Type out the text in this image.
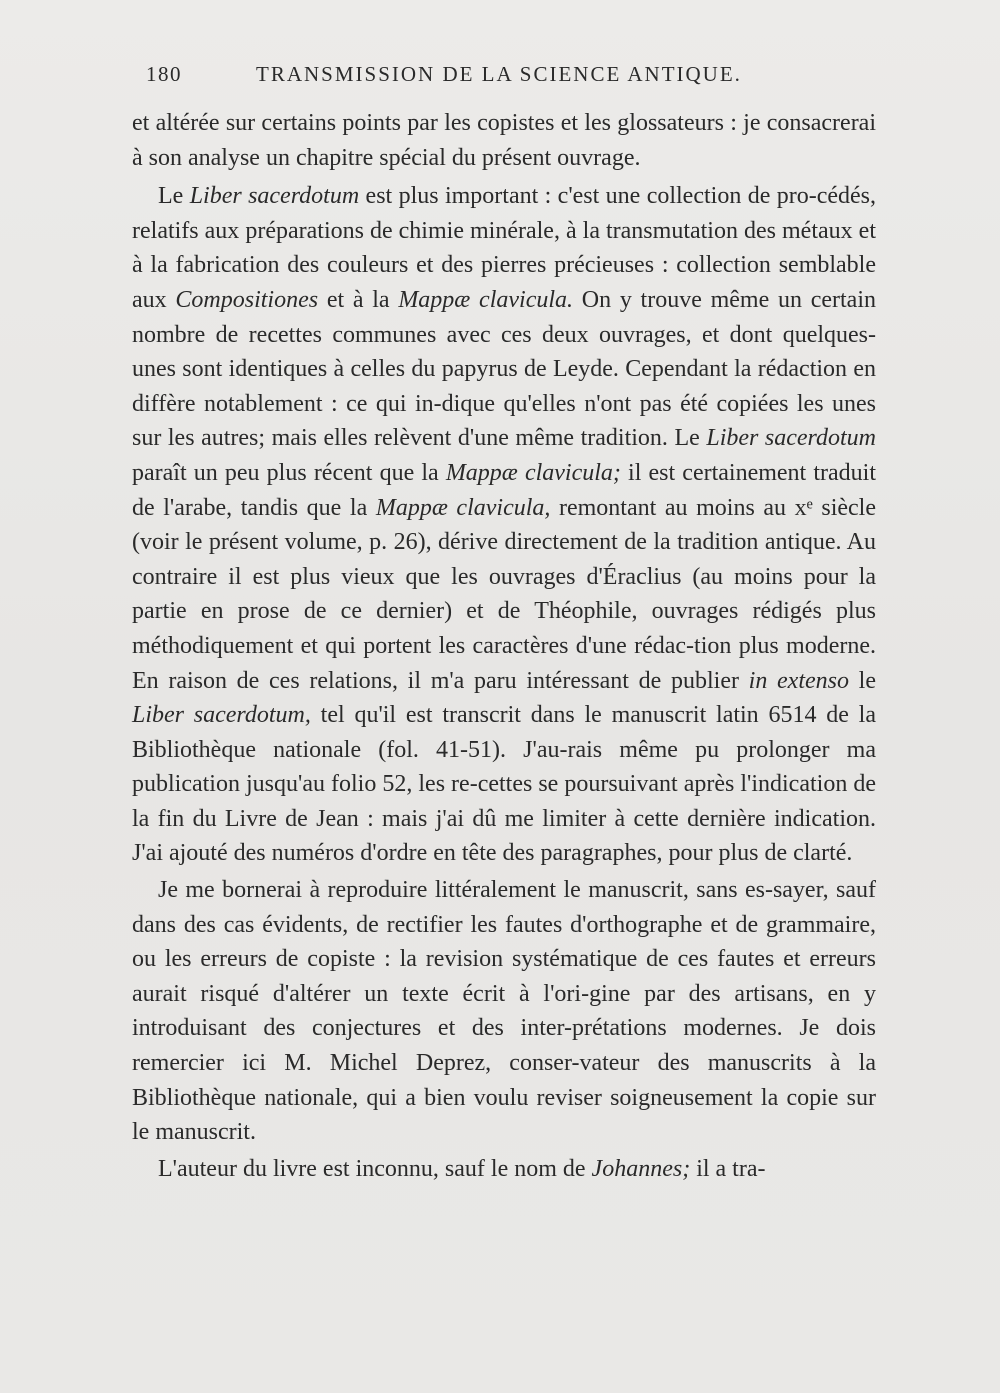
180	TRANSMISSION DE LA SCIENCE ANTIQUE.

et altérée sur certains points par les copistes et les glossateurs : je consacrerai à son analyse un chapitre spécial du présent ouvrage.

Le Liber sacerdotum est plus important : c'est une collection de pro-cédés, relatifs aux préparations de chimie minérale, à la transmutation des métaux et à la fabrication des couleurs et des pierres précieuses : collection semblable aux Compositiones et à la Mappæ clavicula. On y trouve même un certain nombre de recettes communes avec ces deux ouvrages, et dont quelques-unes sont identiques à celles du papyrus de Leyde. Cependant la rédaction en diffère notablement : ce qui in-dique qu'elles n'ont pas été copiées les unes sur les autres; mais elles relèvent d'une même tradition. Le Liber sacerdotum paraît un peu plus récent que la Mappæ clavicula; il est certainement traduit de l'arabe, tandis que la Mappæ clavicula, remontant au moins au xᵉ siècle (voir le présent volume, p. 26), dérive directement de la tradition antique. Au contraire il est plus vieux que les ouvrages d'Éraclius (au moins pour la partie en prose de ce dernier) et de Théophile, ouvrages rédigés plus méthodiquement et qui portent les caractères d'une rédac-tion plus moderne. En raison de ces relations, il m'a paru intéressant de publier in extenso le Liber sacerdotum, tel qu'il est transcrit dans le manuscrit latin 6514 de la Bibliothèque nationale (fol. 41-51). J'au-rais même pu prolonger ma publication jusqu'au folio 52, les re-cettes se poursuivant après l'indication de la fin du Livre de Jean : mais j'ai dû me limiter à cette dernière indication. J'ai ajouté des numéros d'ordre en tête des paragraphes, pour plus de clarté.

Je me bornerai à reproduire littéralement le manuscrit, sans es-sayer, sauf dans des cas évidents, de rectifier les fautes d'orthographe et de grammaire, ou les erreurs de copiste : la revision systématique de ces fautes et erreurs aurait risqué d'altérer un texte écrit à l'ori-gine par des artisans, en y introduisant des conjectures et des inter-prétations modernes. Je dois remercier ici M. Michel Deprez, conser-vateur des manuscrits à la Bibliothèque nationale, qui a bien voulu reviser soigneusement la copie sur le manuscrit.

L'auteur du livre est inconnu, sauf le nom de Johannes; il a tra-
